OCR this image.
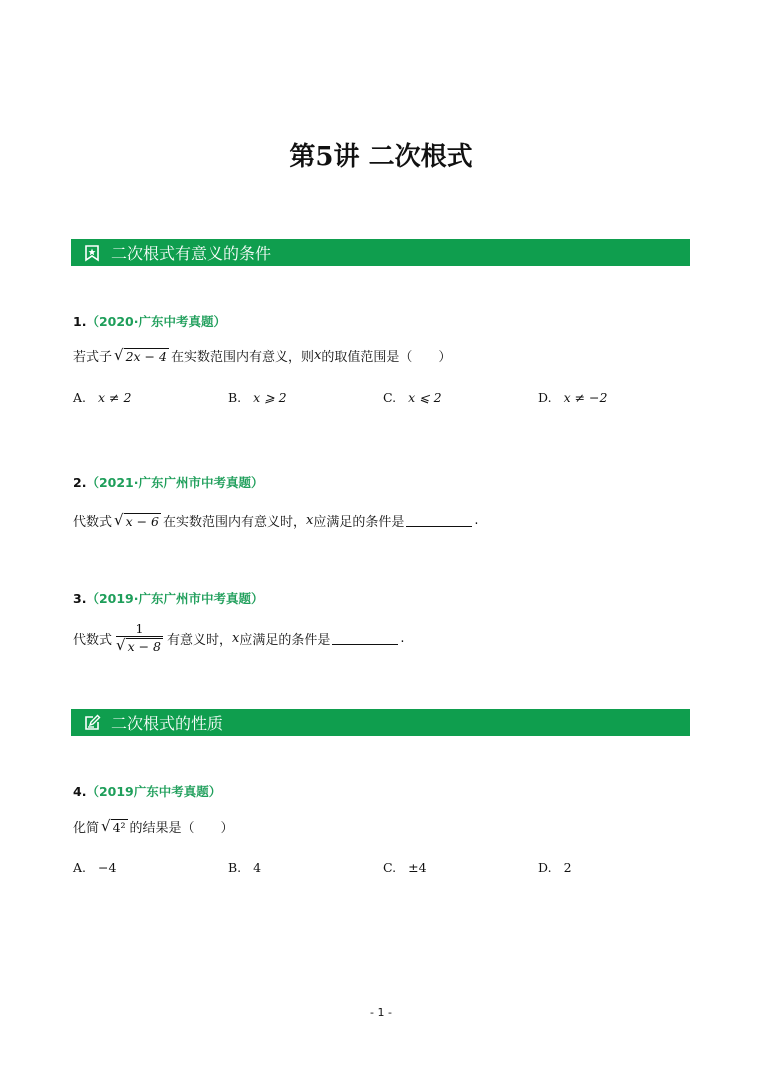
第5讲 二次根式
二次根式有意义的条件
1.（2020·广东中考真题）
若式子 √ 2x − 4 在实数范围内有意义，则 x 的取值范围是（　　）
A. x ≠ 2	B. x ⩾ 2	C. x ⩽ 2	D. x ≠ −2
2.（2021·广东广州市中考真题）
代数式 √ x − 6 在实数范围内有意义时， x 应满足的条件是	.
3.（2019·广东广州市中考真题）
代数式 $\frac{1}{√ x - 8}$ 有意义时， x 应满足的条件是	.
二次根式的性质
4.（2019广东中考真题）
化简 √ 4² 的结果是（　　）
A. −4	B. 4	C. ±4	D. 2
- 1 -
